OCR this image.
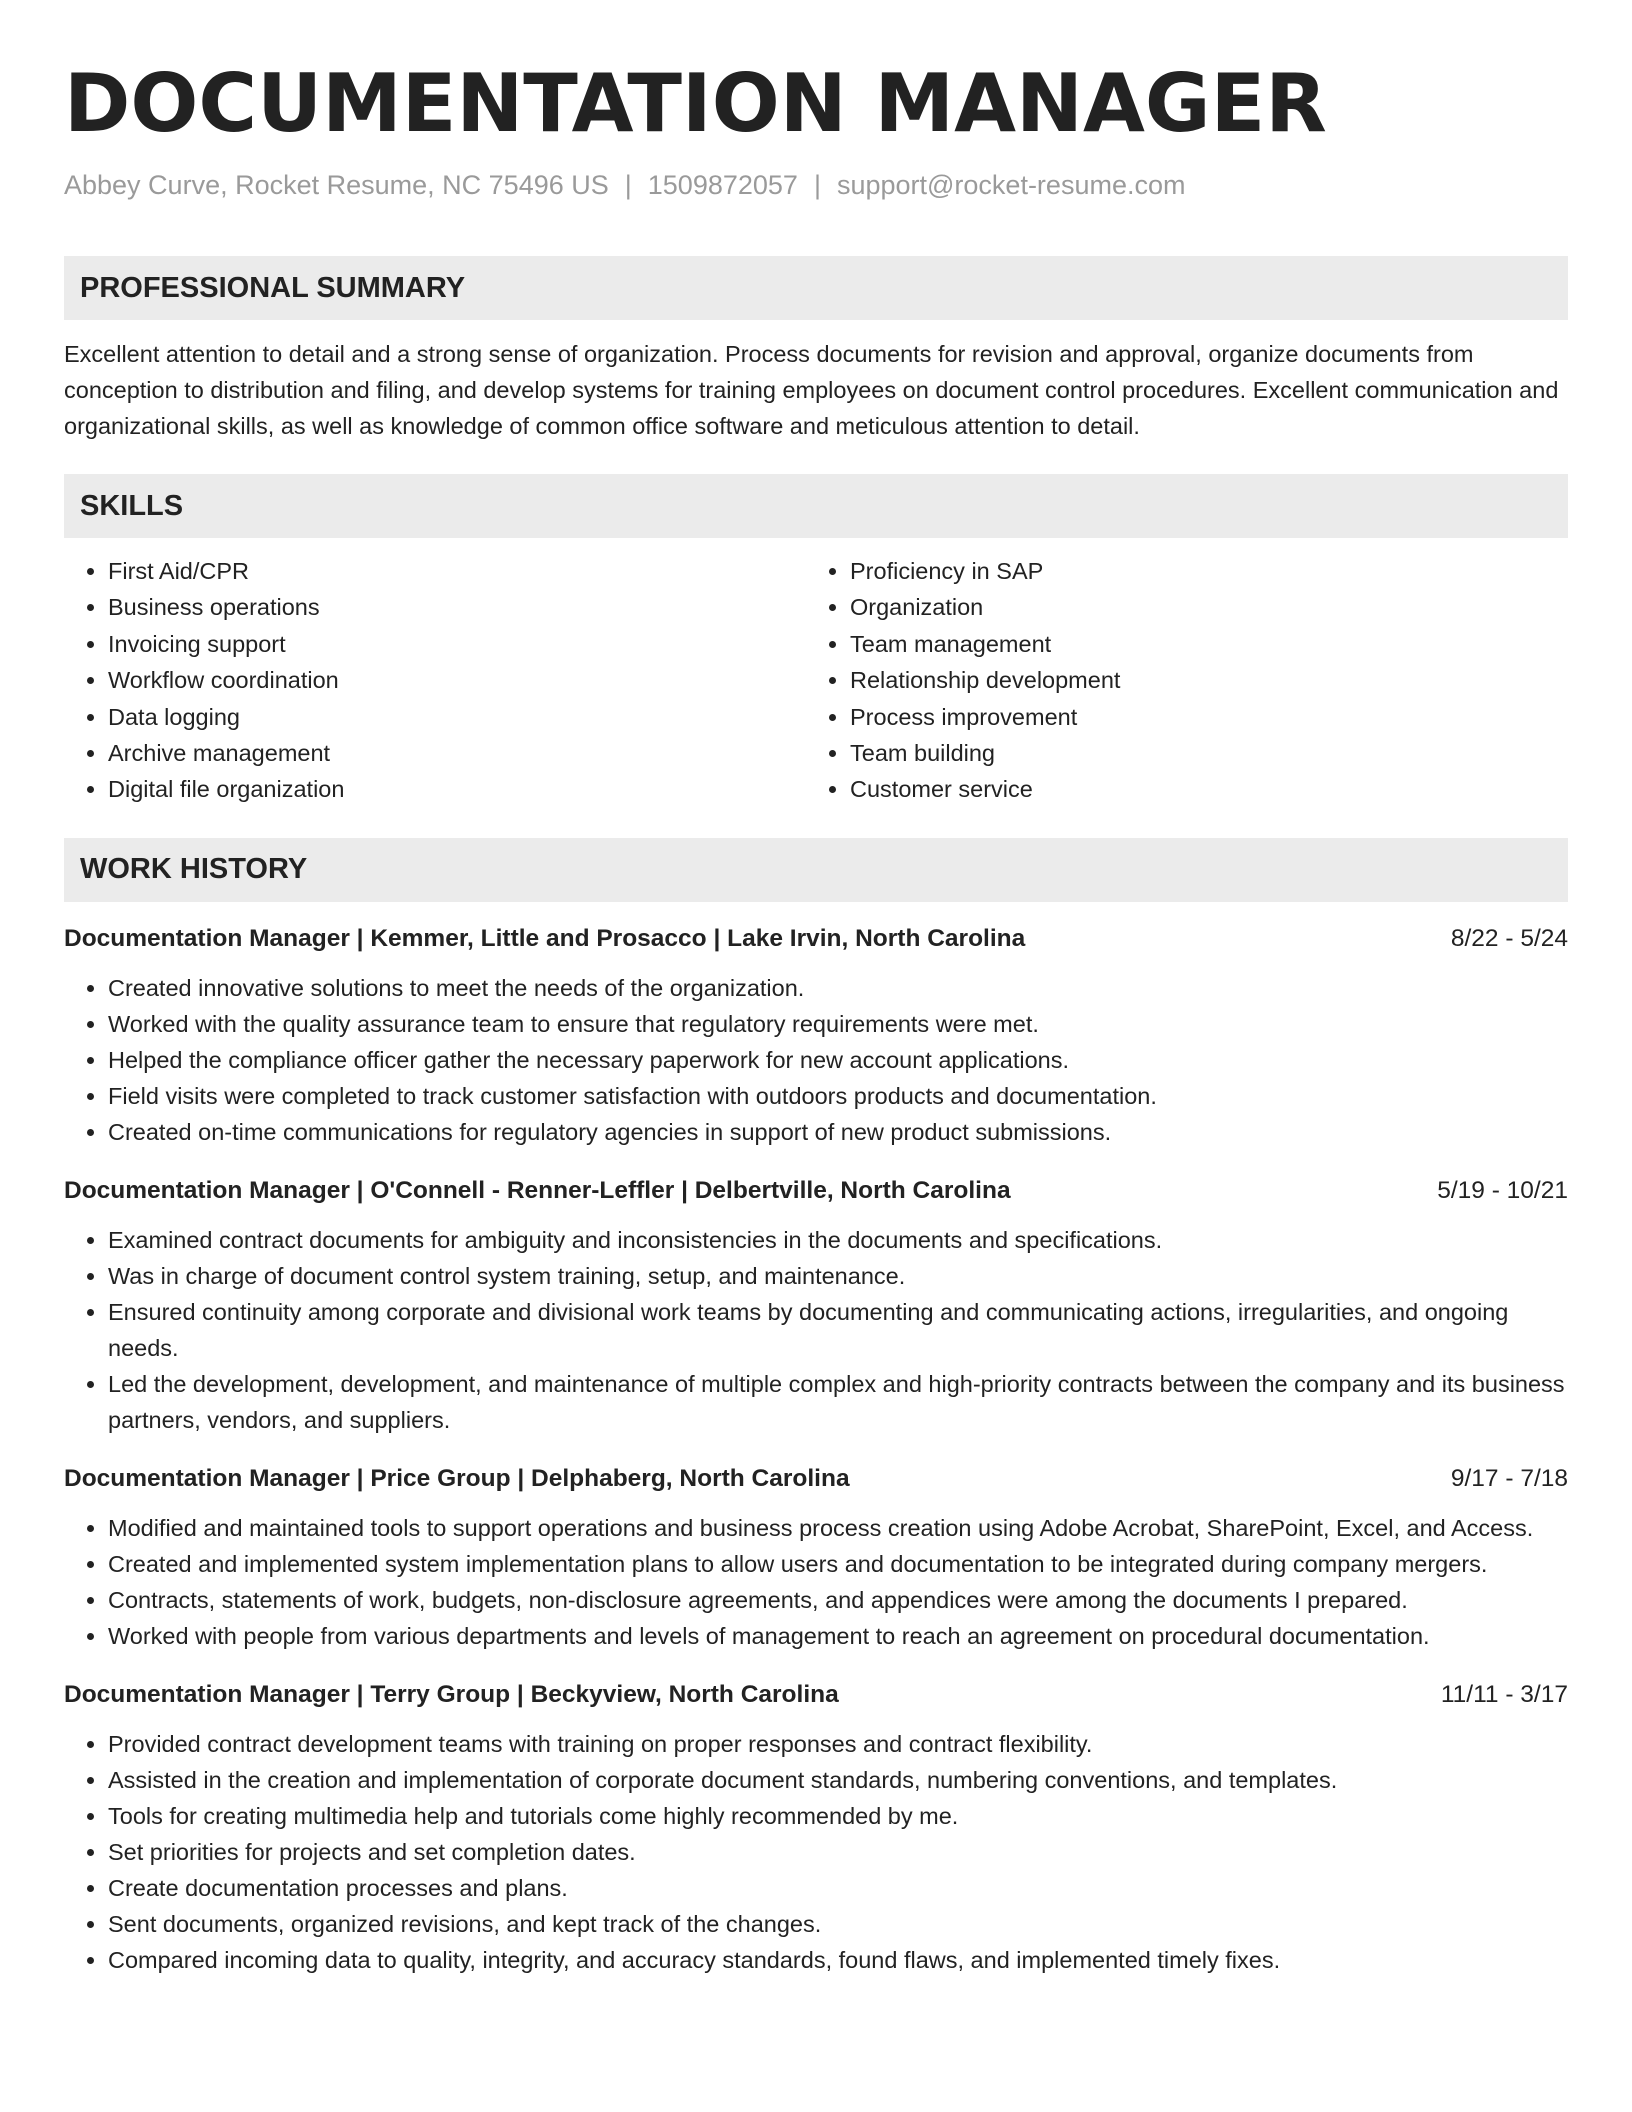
DOCUMENTATION MANAGER
Abbey Curve, Rocket Resume, NC 75496 US | 1509872057 | support@rocket-resume.com
PROFESSIONAL SUMMARY
Excellent attention to detail and a strong sense of organization. Process documents for revision and approval, organize documents from conception to distribution and filing, and develop systems for training employees on document control procedures. Excellent communication and organizational skills, as well as knowledge of common office software and meticulous attention to detail.
SKILLS
• First Aid/CPR
• Business operations
• Invoicing support
• Workflow coordination
• Data logging
• Archive management
• Digital file organization
• Proficiency in SAP
• Organization
• Team management
• Relationship development
• Process improvement
• Team building
• Customer service
WORK HISTORY
Documentation Manager | Kemmer, Little and Prosacco | Lake Irvin, North Carolina	8/22 - 5/24
• Created innovative solutions to meet the needs of the organization.
• Worked with the quality assurance team to ensure that regulatory requirements were met.
• Helped the compliance officer gather the necessary paperwork for new account applications.
• Field visits were completed to track customer satisfaction with outdoors products and documentation.
• Created on-time communications for regulatory agencies in support of new product submissions.
Documentation Manager | O'Connell - Renner-Leffler | Delbertville, North Carolina	5/19 - 10/21
• Examined contract documents for ambiguity and inconsistencies in the documents and specifications.
• Was in charge of document control system training, setup, and maintenance.
• Ensured continuity among corporate and divisional work teams by documenting and communicating actions, irregularities, and ongoing needs.
• Led the development, development, and maintenance of multiple complex and high-priority contracts between the company and its business partners, vendors, and suppliers.
Documentation Manager | Price Group | Delphaberg, North Carolina	9/17 - 7/18
• Modified and maintained tools to support operations and business process creation using Adobe Acrobat, SharePoint, Excel, and Access.
• Created and implemented system implementation plans to allow users and documentation to be integrated during company mergers.
• Contracts, statements of work, budgets, non-disclosure agreements, and appendices were among the documents I prepared.
• Worked with people from various departments and levels of management to reach an agreement on procedural documentation.
Documentation Manager | Terry Group | Beckyview, North Carolina	11/11 - 3/17
• Provided contract development teams with training on proper responses and contract flexibility.
• Assisted in the creation and implementation of corporate document standards, numbering conventions, and templates.
• Tools for creating multimedia help and tutorials come highly recommended by me.
• Set priorities for projects and set completion dates.
• Create documentation processes and plans.
• Sent documents, organized revisions, and kept track of the changes.
• Compared incoming data to quality, integrity, and accuracy standards, found flaws, and implemented timely fixes.
